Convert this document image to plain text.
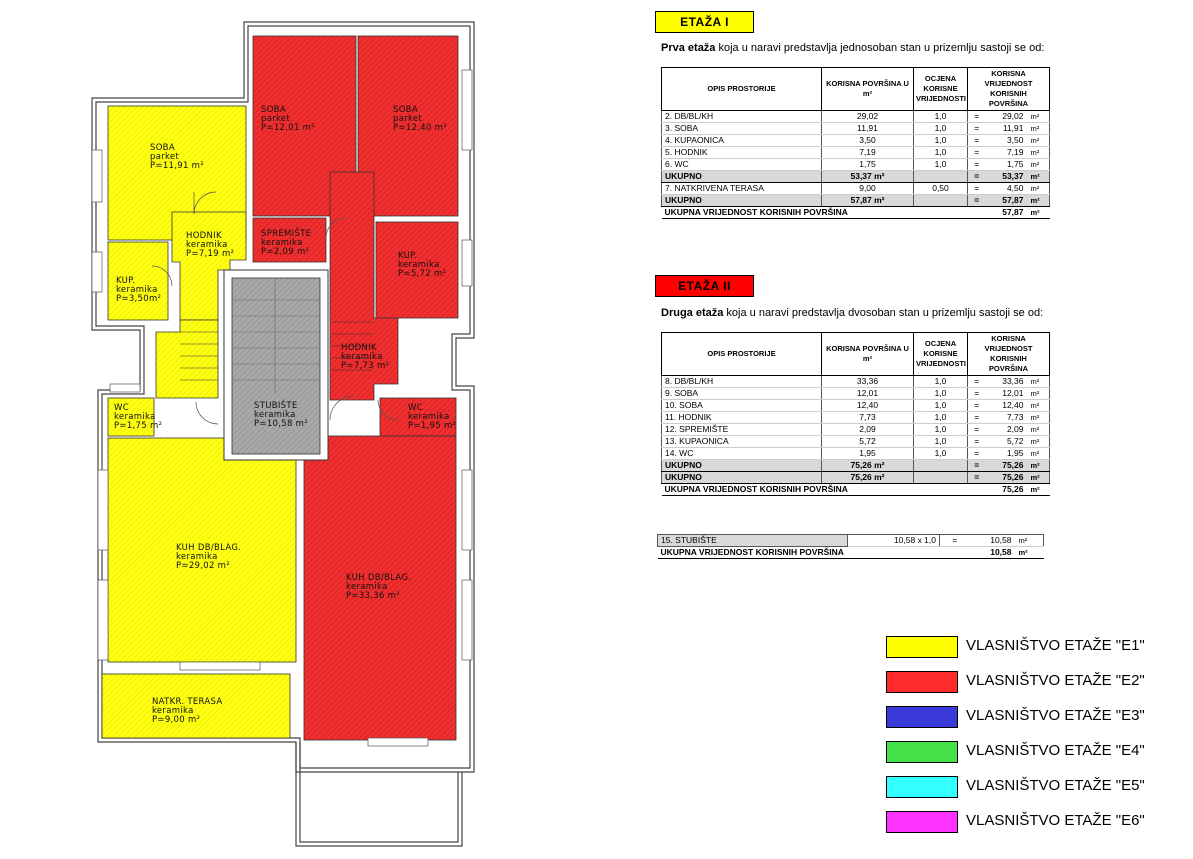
SOBA parket P=11,91 m²
HODNIK keramika P=7,19 m²
KUP. keramika P=3,50m²
WC keramika P=1,75 m²
KUH DB/BLAG. keramika P=29,02 m²
NATKR. TERASA keramika P=9,00 m²
SOBA parket P=12,01 m²
SOBA parket P=12,40 m²
SPREMIŠTE keramika P=2,09 m²	KUP. keramika P=5,72 m²
HODNIK keramika P=7,73 m²
WC keramika P=1,95 m²
KUH DB/BLAG. keramika P=33,36 m²
STUBIŠTE keramika P=10,58 m²
ETAŽA I
Prva etaža koja u naravi predstavlja jednosoban stan u prizemlju sastoji se od:
OPIS PROSTORIJE	KORISNA POVRŠINA U m²	OCJENA KORISNE VRIJEDNOSTI	KORISNA VRIJEDNOST KORISNIH POVRŠINA		
2. DB/BL/KH	29,02	1,0	=	29,02	m²
3. SOBA	11,91	1,0	=	11,91	m²
4. KUPAONICA	3,50	1,0	=	3,50	m²
5. HODNIK	7,19	1,0	=	7,19	m²
6. WC	1,75	1,0	=	1,75	m²
UKUPNO	53,37 m²		=	53,37	m²
7. NATKRIVENA TERASA	9,00	0,50	=	4,50	m²
UKUPNO	57,87 m²		=	57,87	m²
UKUPNA VRIJEDNOST KORISNIH POVRŠINA				57,87	m²
ETAŽA II
Druga etaža koja u naravi predstavlja dvosoban stan u prizemlju sastoji se od:
OPIS PROSTORIJE	KORISNA POVRŠINA U m²	OCJENA KORISNE VRIJEDNOSTI	KORISNA VRIJEDNOST KORISNIH POVRŠINA		
8. DB/BL/KH	33,36	1,0	=	33,36	m²
9. SOBA	12,01	1,0	=	12,01	m²
10. SOBA	12,40	1,0	=	12,40	m²
11. HODNIK	7,73	1,0	=	7,73	m²
12. SPREMIŠTE	2,09	1,0	=	2,09	m²
13. KUPAONICA	5,72	1,0	=	5,72	m²
14. WC	1,95	1,0	=	1,95	m²
UKUPNO	75,26 m²		=	75,26	m²
UKUPNO	75,26 m²		=	75,26	m²
UKUPNA VRIJEDNOST KORISNIH POVRŠINA				75,26	m²
15. STUBIŠTE	10,58 x 1,0	=	10,58	m²
UKUPNA VRIJEDNOST KORISNIH POVRŠINA			10,58	m²
VLASNIŠTVO ETAŽE "E1"
VLASNIŠTVO ETAŽE "E2"
VLASNIŠTVO ETAŽE "E3"
VLASNIŠTVO ETAŽE "E4"
VLASNIŠTVO ETAŽE "E5"
VLASNIŠTVO ETAŽE "E6"
